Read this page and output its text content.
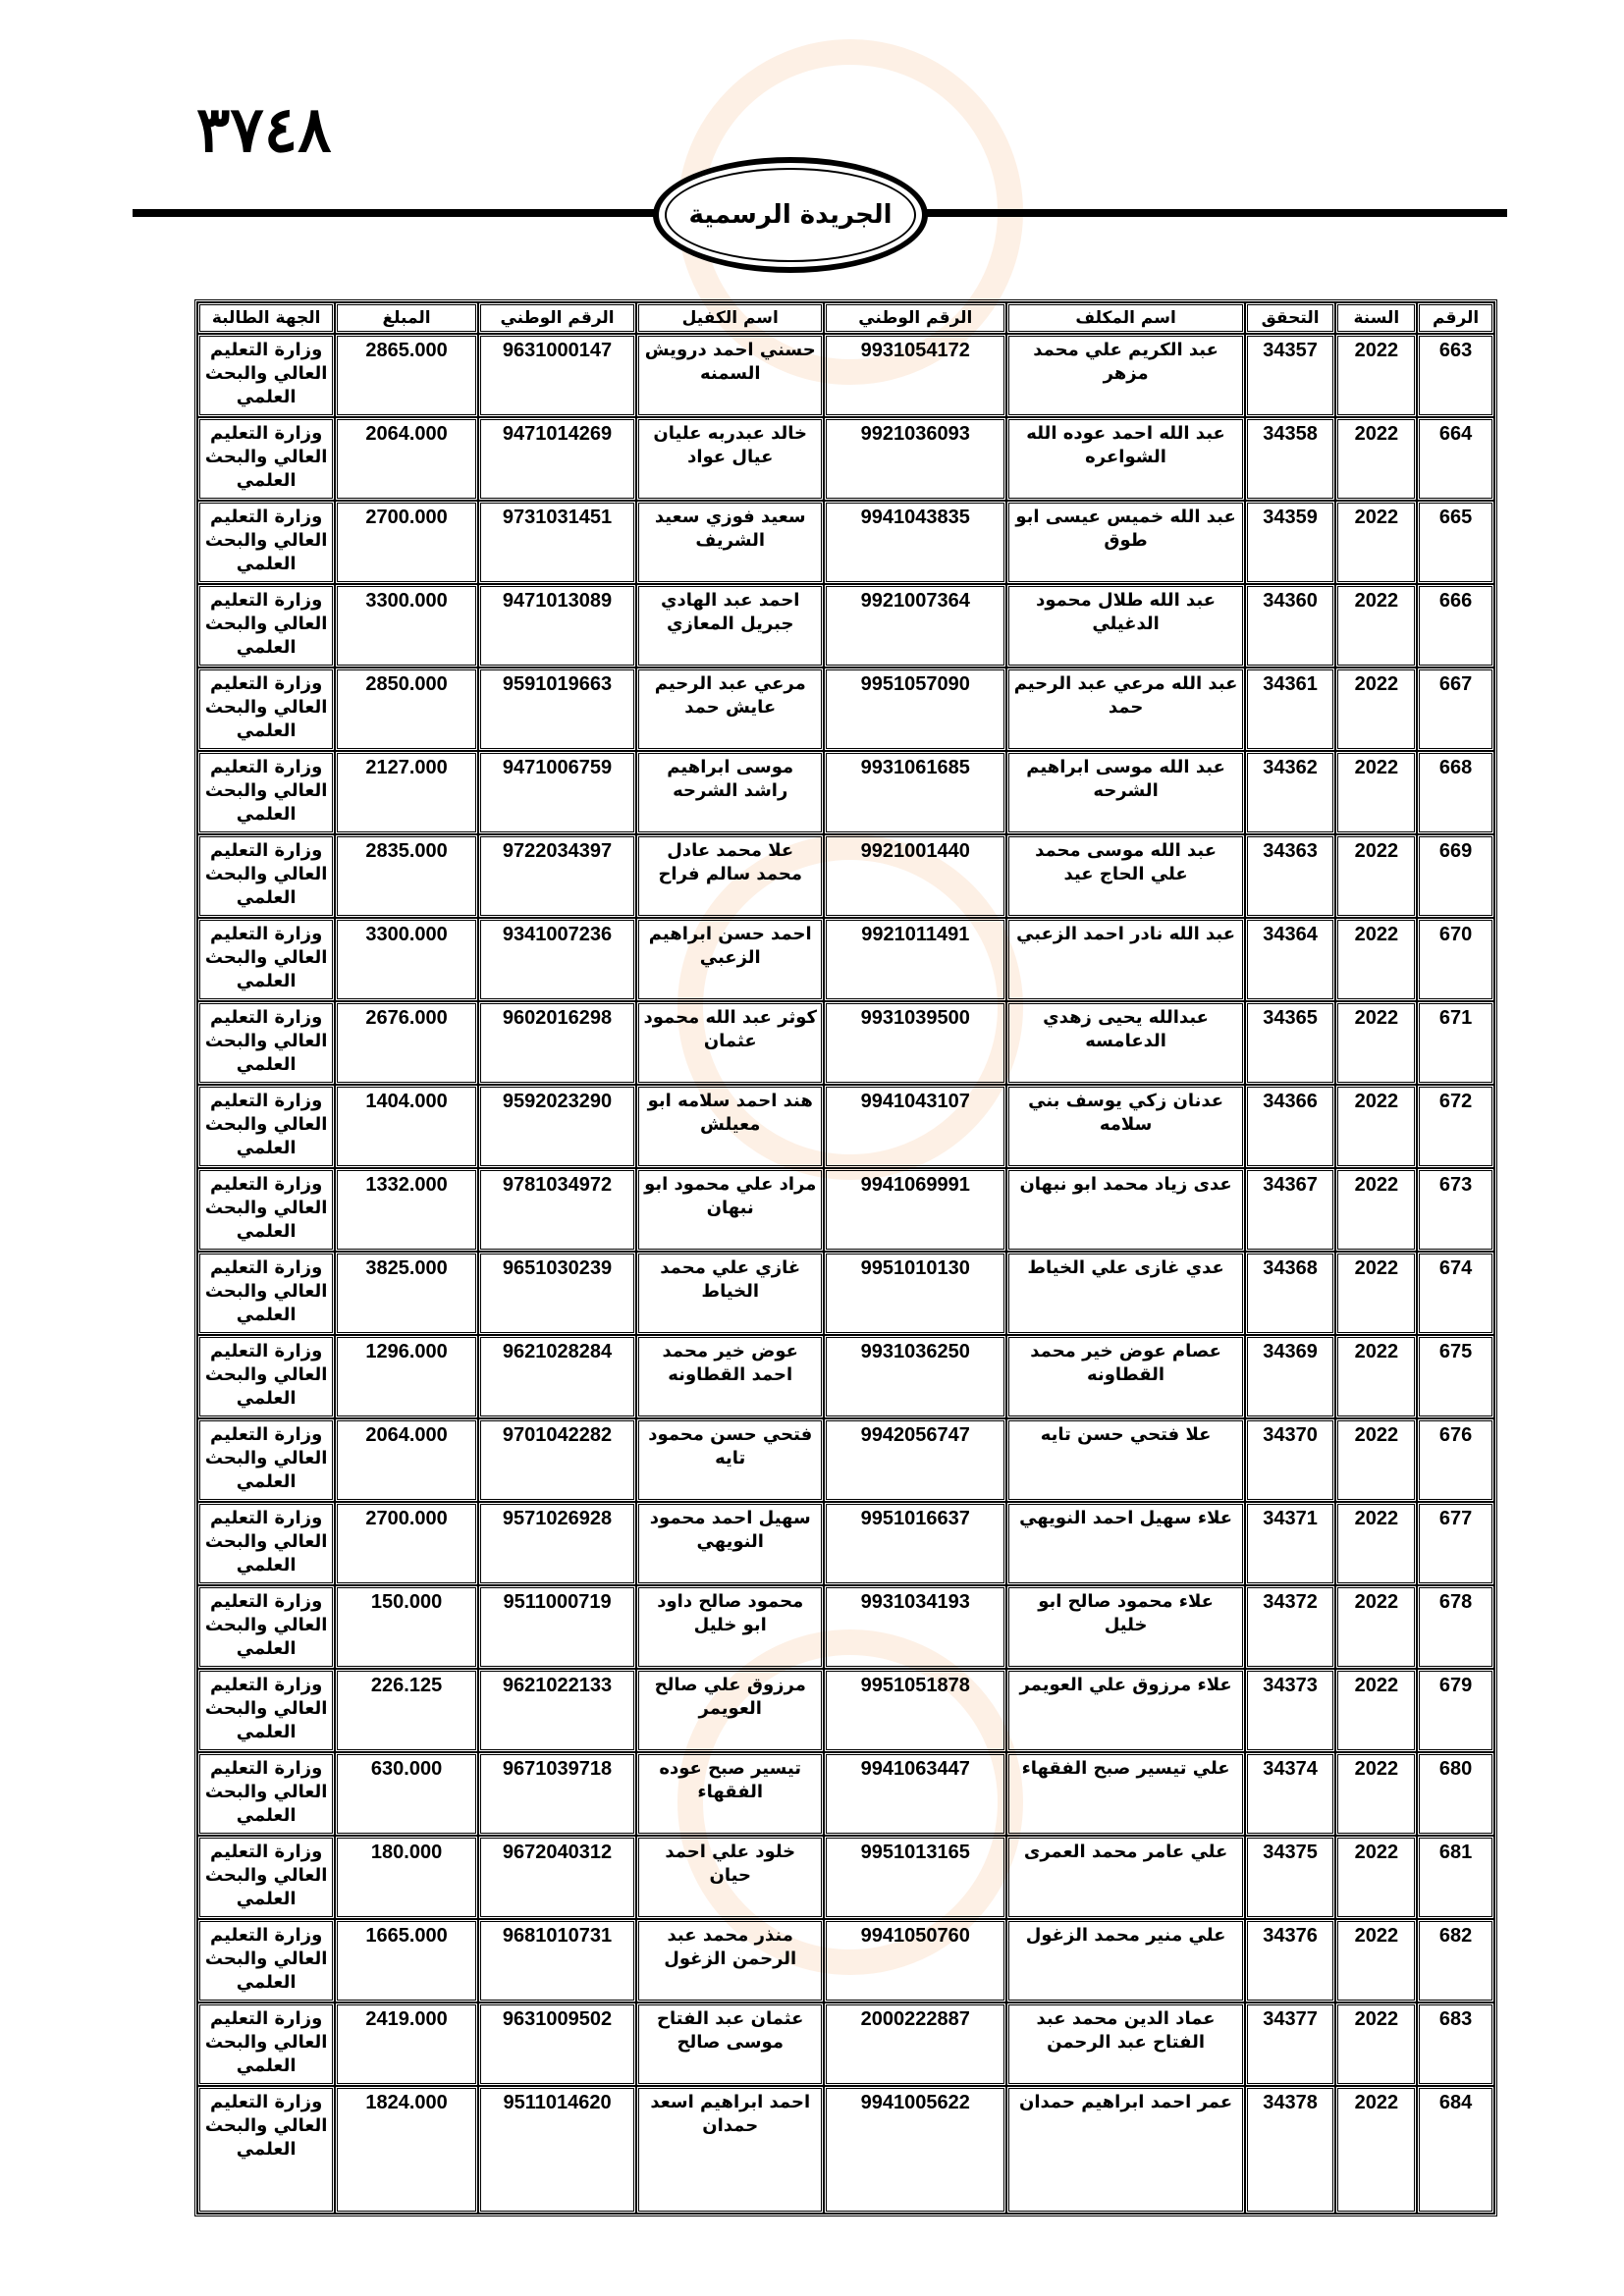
٣٧٤٨
الجريدة الرسمية
الرقم	السنة	التحقق	اسم المكلف	الرقم الوطني	اسم الكفيل	الرقم الوطني	المبلغ	الجهة الطالبة
663	2022	34357	عبد الكريم علي محمد مزهر	9931054172	حسني احمد درويش السمنه	9631000147	2865.000	وزارة التعليم العالي والبحث العلمي
664	2022	34358	عبد الله احمد عوده الله الشواعره	9921036093	خالد عبدربه عليان عيال عواد	9471014269	2064.000	وزارة التعليم العالي والبحث العلمي
665	2022	34359	عبد الله خميس عيسى ابو طوق	9941043835	سعيد فوزي سعيد الشريف	9731031451	2700.000	وزارة التعليم العالي والبحث العلمي
666	2022	34360	عبد الله طلال محمود الدغيلي	9921007364	احمد عبد الهادي جبريل المعازي	9471013089	3300.000	وزارة التعليم العالي والبحث العلمي
667	2022	34361	عبد الله مرعي عبد الرحيم حمد	9951057090	مرعي عبد الرحيم عايش حمد	9591019663	2850.000	وزارة التعليم العالي والبحث العلمي
668	2022	34362	عبد الله موسى ابراهيم الشرحه	9931061685	موسى ابراهيم راشد الشرحه	9471006759	2127.000	وزارة التعليم العالي والبحث العلمي
669	2022	34363	عبد الله موسى محمد علي الحاج عيد	9921001440	علا محمد عادل محمد سالم فراح	9722034397	2835.000	وزارة التعليم العالي والبحث العلمي
670	2022	34364	عبد الله نادر احمد الزعبي	9921011491	احمد حسن ابراهيم الزعبي	9341007236	3300.000	وزارة التعليم العالي والبحث العلمي
671	2022	34365	عبدالله يحيى زهدي الدعامسه	9931039500	كوثر عبد الله محمود عثمان	9602016298	2676.000	وزارة التعليم العالي والبحث العلمي
672	2022	34366	عدنان زكي يوسف بني سلامه	9941043107	هند احمد سلامه ابو معيلش	9592023290	1404.000	وزارة التعليم العالي والبحث العلمي
673	2022	34367	عدى زياد محمد ابو نبهان	9941069991	مراد علي محمود ابو نبهان	9781034972	1332.000	وزارة التعليم العالي والبحث العلمي
674	2022	34368	عدي غازى علي الخياط	9951010130	غازي علي محمد الخياط	9651030239	3825.000	وزارة التعليم العالي والبحث العلمي
675	2022	34369	عصام عوض خير محمد القطاونه	9931036250	عوض خير محمد احمد القطاونه	9621028284	1296.000	وزارة التعليم العالي والبحث العلمي
676	2022	34370	علا فتحي حسن تايه	9942056747	فتحي حسن محمود تايه	9701042282	2064.000	وزارة التعليم العالي والبحث العلمي
677	2022	34371	علاء سهيل احمد النويهي	9951016637	سهيل احمد محمود النويهي	9571026928	2700.000	وزارة التعليم العالي والبحث العلمي
678	2022	34372	علاء محمود صالح ابو خليل	9931034193	محمود صالح داود ابو خليل	9511000719	150.000	وزارة التعليم العالي والبحث العلمي
679	2022	34373	علاء مرزوق علي العويمر	9951051878	مرزوق علي صالح العويمر	9621022133	226.125	وزارة التعليم العالي والبحث العلمي
680	2022	34374	علي تيسير صبح الفقهاء	9941063447	تيسير صبح عوده الفقهاء	9671039718	630.000	وزارة التعليم العالي والبحث العلمي
681	2022	34375	علي عامر محمد العمرى	9951013165	خلود علي احمد حيان	9672040312	180.000	وزارة التعليم العالي والبحث العلمي
682	2022	34376	علي منير محمد الزغول	9941050760	منذر محمد عبد الرحمن الزغول	9681010731	1665.000	وزارة التعليم العالي والبحث العلمي
683	2022	34377	عماد الدين محمد عبد الفتاح عبد الرحمن	2000222887	عثمان عبد الفتاح موسى صالح	9631009502	2419.000	وزارة التعليم العالي والبحث العلمي
684	2022	34378	عمر احمد ابراهيم حمدان	9941005622	احمد ابراهيم اسعد حمدان	9511014620	1824.000	وزارة التعليم العالي والبحث العلمي
